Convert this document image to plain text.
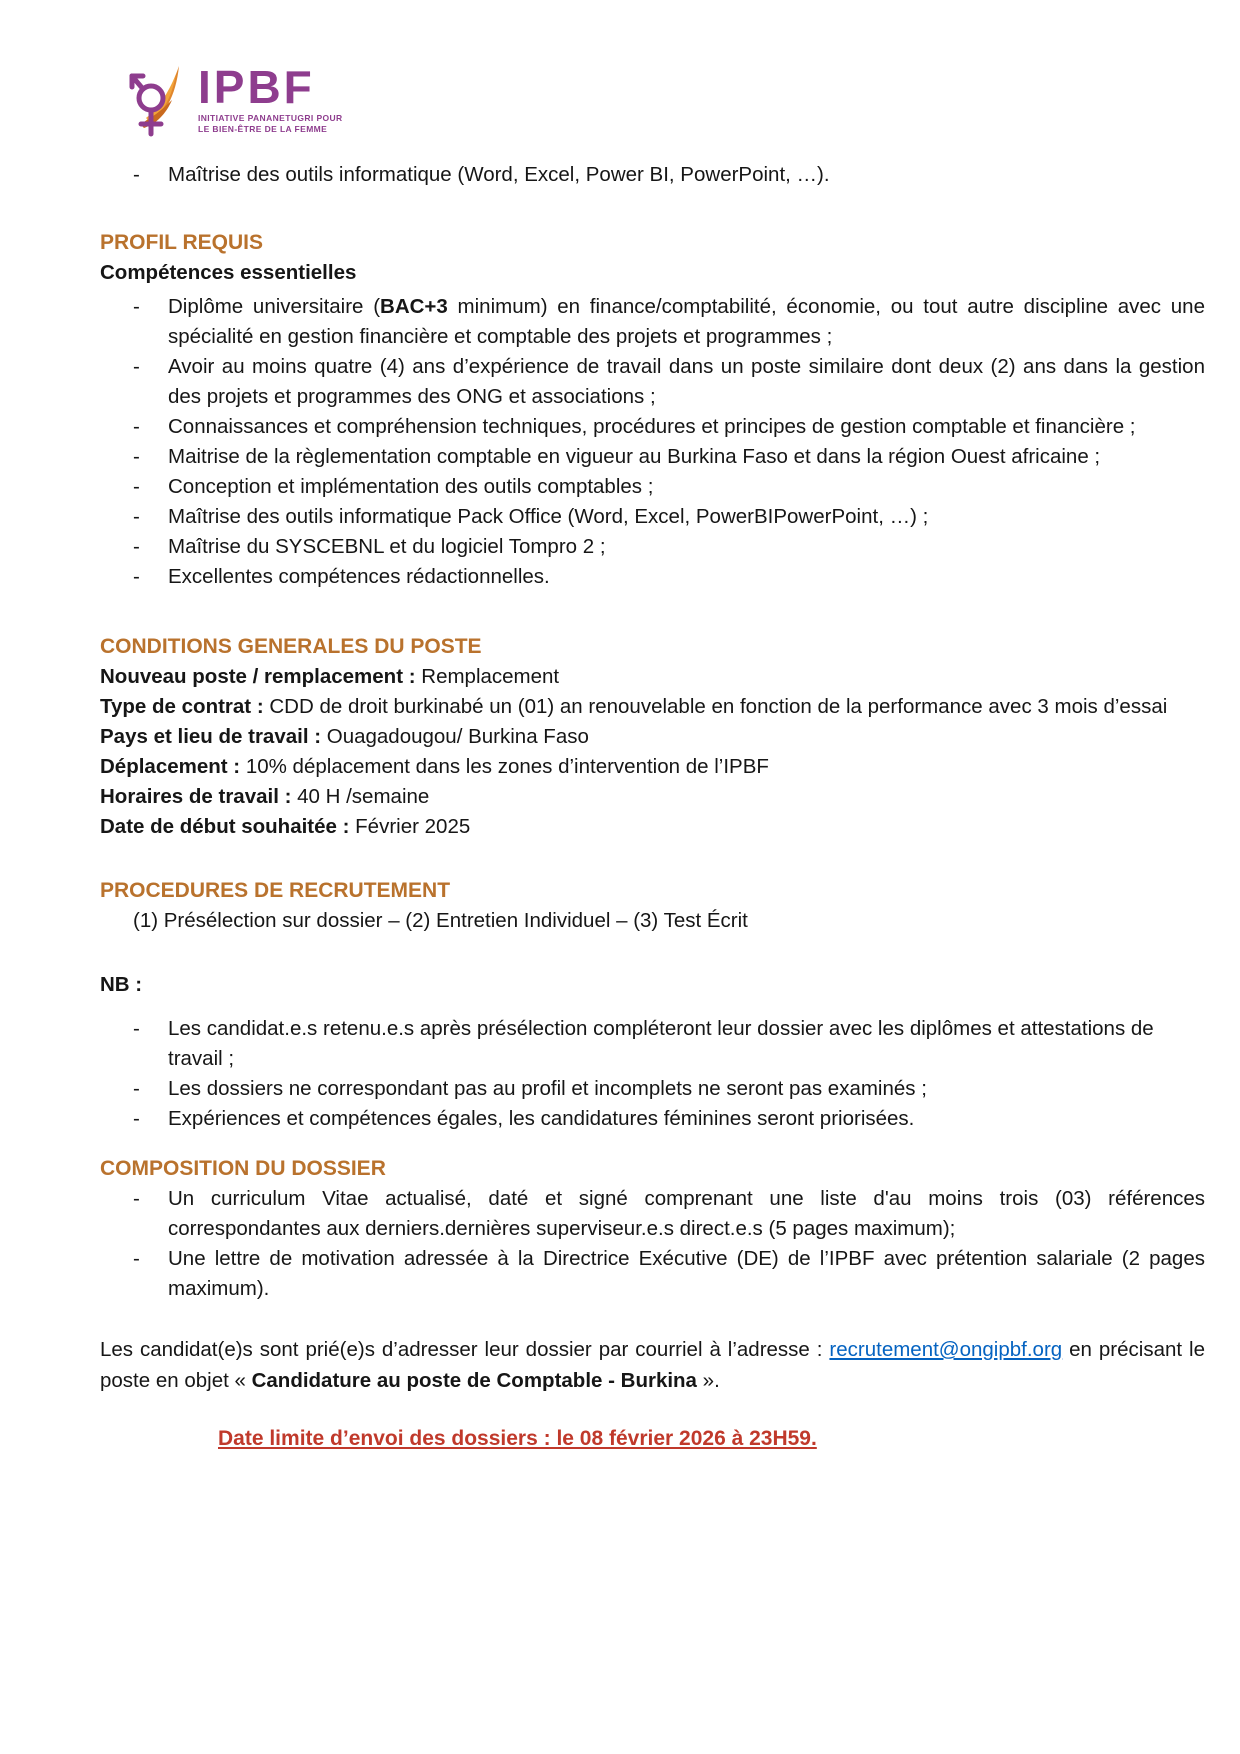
IPBF
INITIATIVE PANANETUGRI POUR
LE BIEN-ÊTRE DE LA FEMME
-	Maîtrise des outils informatique (Word, Excel, Power BI, PowerPoint, …).
PROFIL REQUIS

Compétences essentielles

-	Diplôme universitaire (BAC+3 minimum) en finance/comptabilité, économie, ou tout autre discipline avec une spécialité en gestion financière et comptable des projets et programmes ;
-	Avoir au moins quatre (4) ans d’expérience de travail dans un poste similaire dont deux (2) ans dans la gestion des projets et programmes des ONG et associations ;
-	Connaissances et compréhension techniques, procédures et principes de gestion comptable et financière ;
-	Maitrise de la règlementation comptable en vigueur au Burkina Faso et dans la région Ouest africaine ;
-	Conception et implémentation des outils comptables ;
-	Maîtrise des outils informatique Pack Office (Word, Excel, PowerBIPowerPoint, …) ;
-	Maîtrise du SYSCEBNL et du logiciel Tompro 2 ;
-	Excellentes compétences rédactionnelles.
CONDITIONS GENERALES DU POSTE

Nouveau poste / remplacement : Remplacement

Type de contrat : CDD de droit burkinabé un (01) an renouvelable en fonction de la performance avec 3 mois d’essai

Pays et lieu de travail : Ouagadougou/ Burkina Faso

Déplacement : 10% déplacement dans les zones d’intervention de l’IPBF

Horaires de travail : 40 H /semaine

Date de début souhaitée : Février 2025

PROCEDURES DE RECRUTEMENT

(1) Présélection sur dossier – (2) Entretien Individuel – (3) Test Écrit

NB :

-	Les candidat.e.s retenu.e.s après présélection compléteront leur dossier avec les diplômes et attestations de travail ;
-	Les dossiers ne correspondant pas au profil et incomplets ne seront pas examinés ;
-	Expériences et compétences égales, les candidatures féminines seront priorisées.
COMPOSITION DU DOSSIER
-	Un curriculum Vitae actualisé, daté et signé comprenant une liste d'au moins trois (03) références correspondantes aux derniers.dernières superviseur.e.s direct.e.s (5 pages maximum);
-	Une lettre de motivation adressée à la Directrice Exécutive (DE) de l’IPBF avec prétention salariale (2 pages maximum).

Les candidat(e)s sont prié(e)s d’adresser leur dossier par courriel à l’adresse : recrutement@ongipbf.org en précisant le poste en objet « Candidature au poste de Comptable - Burkina ».

Date limite d’envoi des dossiers : le 08 février 2026 à 23H59.
